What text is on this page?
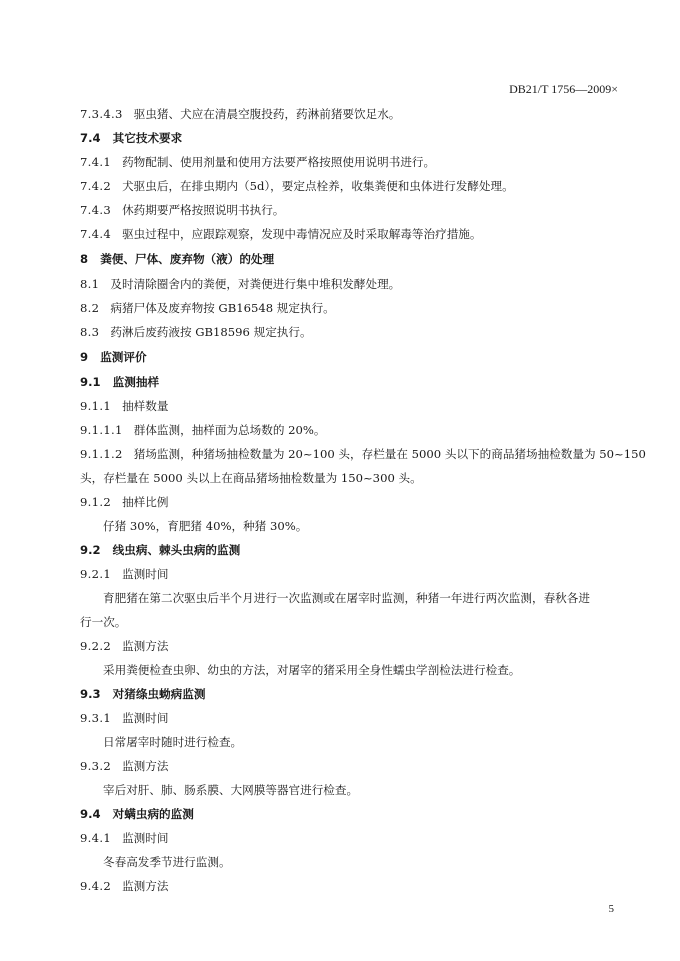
DB21/T 1756—2009×

7.3.4.3 驱虫猪、犬应在清晨空腹投药，药淋前猪要饮足水。

7.4 其它技术要求

7.4.1 药物配制、使用剂量和使用方法要严格按照使用说明书进行。

7.4.2 犬驱虫后，在排虫期内（5d），要定点栓养，收集粪便和虫体进行发酵处理。

7.4.3 休药期要严格按照说明书执行。

7.4.4 驱虫过程中，应跟踪观察，发现中毒情况应及时采取解毒等治疗措施。

8 粪便、尸体、废弃物（液）的处理

8.1 及时清除圈舍内的粪便，对粪便进行集中堆积发酵处理。

8.2 病猪尸体及废弃物按 GB16548 规定执行。

8.3 药淋后废药液按 GB18596 规定执行。

9 监测评价

9.1 监测抽样

9.1.1 抽样数量

9.1.1.1 群体监测，抽样面为总场数的 20%。

9.1.1.2 猪场监测，种猪场抽检数量为 20~100 头，存栏量在 5000 头以下的商品猪场抽检数量为 50~150

头，存栏量在 5000 头以上在商品猪场抽检数量为 150~300 头。

9.1.2 抽样比例

仔猪 30%，育肥猪 40%，种猪 30%。

9.2 线虫病、棘头虫病的监测

9.2.1 监测时间

育肥猪在第二次驱虫后半个月进行一次监测或在屠宰时监测，种猪一年进行两次监测，春秋各进

行一次。

9.2.2 监测方法

采用粪便检查虫卵、幼虫的方法，对屠宰的猪采用全身性蠕虫学剖检法进行检查。

9.3 对猪绦虫蚴病监测

9.3.1 监测时间

日常屠宰时随时进行检查。

9.3.2 监测方法

宰后对肝、肺、肠系膜、大网膜等器官进行检查。

9.4 对螨虫病的监测

9.4.1 监测时间

冬春高发季节进行监测。

9.4.2 监测方法

5
